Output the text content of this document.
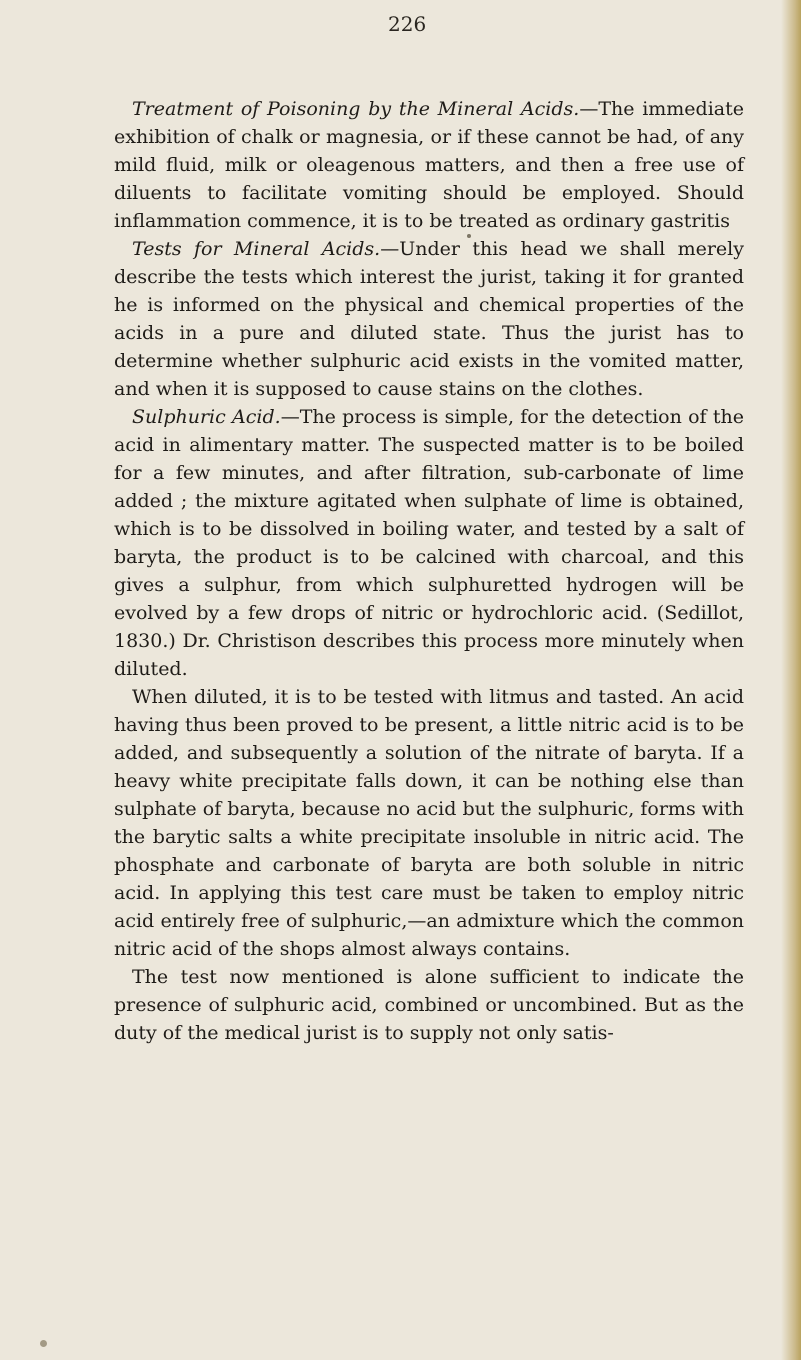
226

Treatment of Poisoning by the Mineral Acids.—The immediate exhibition of chalk or magnesia, or if these cannot be had, of any mild fluid, milk or oleagenous matters, and then a free use of diluents to facilitate vomiting should be employed. Should inflammation commence, it is to be treated as ordinary gastritis

Tests for Mineral Acids.—Under this head we shall merely describe the tests which interest the jurist, taking it for granted he is informed on the physical and chemical properties of the acids in a pure and diluted state. Thus the jurist has to determine whether sulphuric acid exists in the vomited matter, and when it is supposed to cause stains on the clothes.

Sulphuric Acid.—The process is simple, for the detection of the acid in alimentary matter. The suspected matter is to be boiled for a few minutes, and after filtration, sub-carbonate of lime added ; the mixture agitated when sulphate of lime is obtained, which is to be dissolved in boiling water, and tested by a salt of baryta, the product is to be calcined with charcoal, and this gives a sulphur, from which sulphuretted hydrogen will be evolved by a few drops of nitric or hydrochloric acid. (Sedillot, 1830.) Dr. Christison describes this process more minutely when diluted.

When diluted, it is to be tested with litmus and tasted. An acid having thus been proved to be present, a little nitric acid is to be added, and subsequently a solution of the nitrate of baryta. If a heavy white precipitate falls down, it can be nothing else than sulphate of baryta, because no acid but the sulphuric, forms with the barytic salts a white precipitate insoluble in nitric acid. The phosphate and carbonate of baryta are both soluble in nitric acid. In applying this test care must be taken to employ nitric acid entirely free of sulphuric,—an admixture which the common nitric acid of the shops almost always contains.

The test now mentioned is alone sufficient to indicate the presence of sulphuric acid, combined or uncombined. But as the duty of the medical jurist is to supply not only satis-
